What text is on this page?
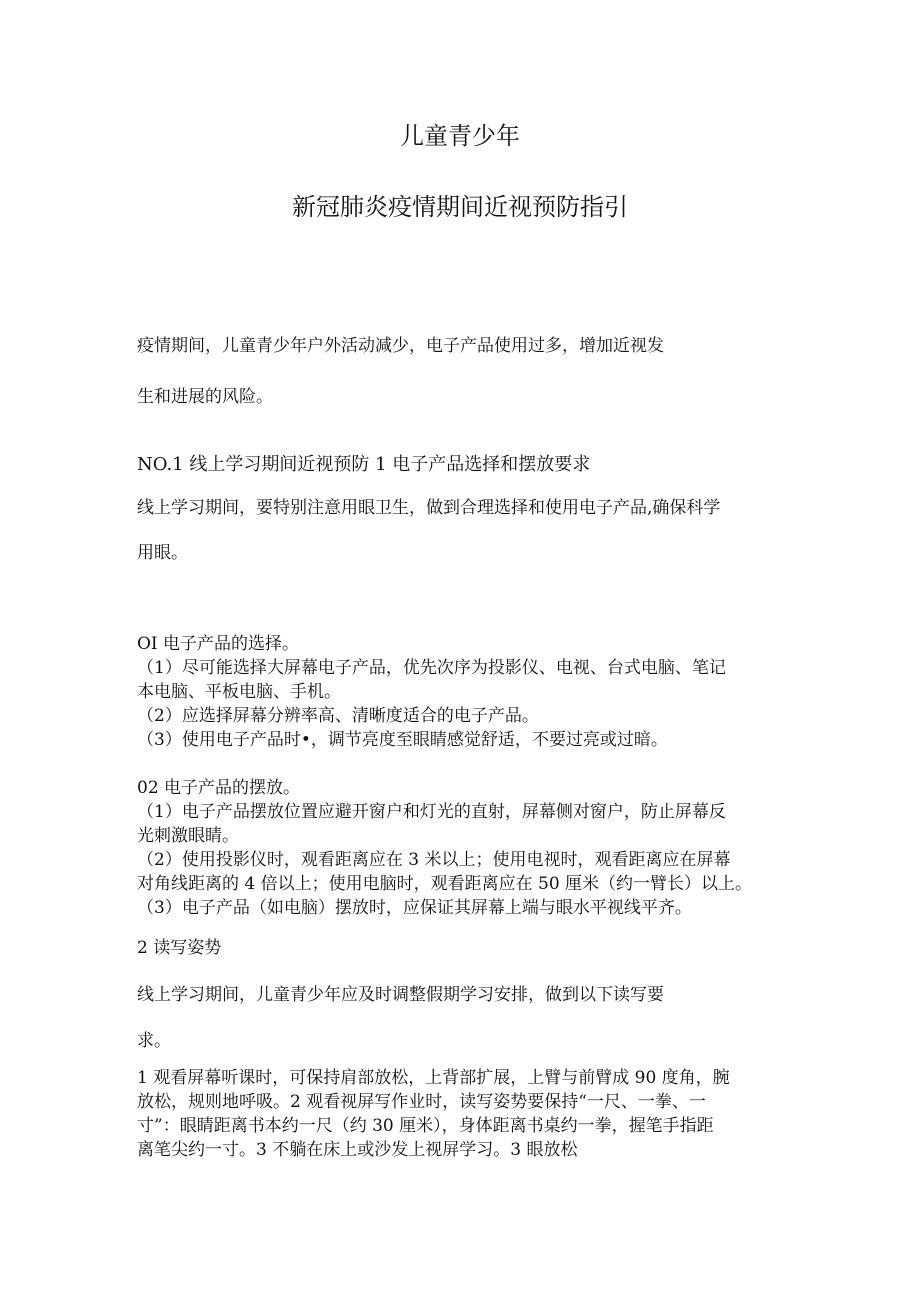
儿童青少年
新冠肺炎疫情期间近视预防指引
疫情期间，儿童青少年户外活动减少，电子产品使用过多，增加近视发
生和进展的风险。
NO.1 线上学习期间近视预防 1 电子产品选择和摆放要求
线上学习期间，要特别注意用眼卫生，做到合理选择和使用电子产品,确保科学
用眼。
OI 电子产品的选择。
（1）尽可能选择大屏幕电子产品，优先次序为投影仪、电视、台式电脑、笔记
本电脑、平板电脑、手机。
（2）应选择屏幕分辨率高、清晰度适合的电子产品。
（3）使用电子产品时•，调节亮度至眼睛感觉舒适，不要过亮或过暗。
02 电子产品的摆放。
（1）电子产品摆放位置应避开窗户和灯光的直射，屏幕侧对窗户，防止屏幕反
光刺激眼睛。
（2）使用投影仪时，观看距离应在 3 米以上；使用电视时，观看距离应在屏幕
对角线距离的 4 倍以上；使用电脑时，观看距离应在 50 厘米（约一臂长）以上。
（3）电子产品（如电脑）摆放时，应保证其屏幕上端与眼水平视线平齐。
2 读写姿势
线上学习期间，儿童青少年应及时调整假期学习安排，做到以下读写要
求。
1 观看屏幕听课时，可保持肩部放松，上背部扩展，上臂与前臂成 90 度角，腕
放松，规则地呼吸。2 观看视屏写作业时，读写姿势要保持“一尺、一拳、一
寸”：眼睛距离书本约一尺（约 30 厘米），身体距离书桌约一拳，握笔手指距
离笔尖约一寸。3 不躺在床上或沙发上视屏学习。3 眼放松
